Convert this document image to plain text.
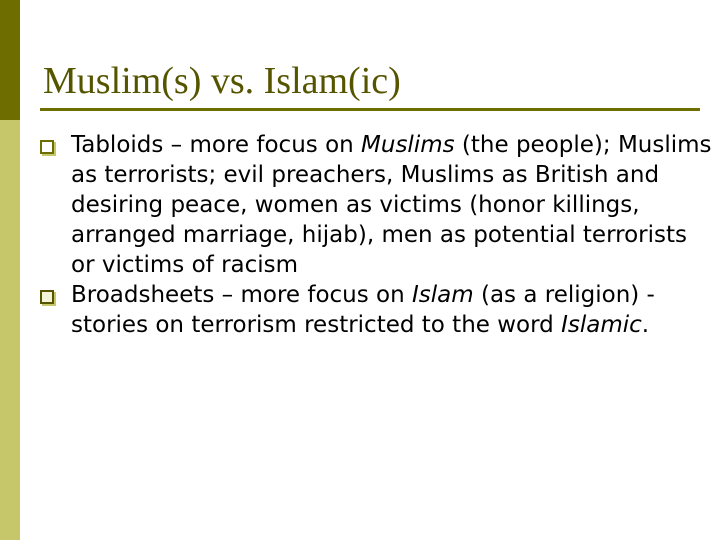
Muslim(s) vs. Islam(ic)
Tabloids – more focus on Muslims (the people); Muslims as terrorists; evil preachers, Muslims as British and desiring peace, women as victims (honor killings, arranged marriage, hijab), men as potential terrorists or victims of racism
Broadsheets – more focus on Islam (as a religion) - stories on terrorism restricted to the word Islamic.
